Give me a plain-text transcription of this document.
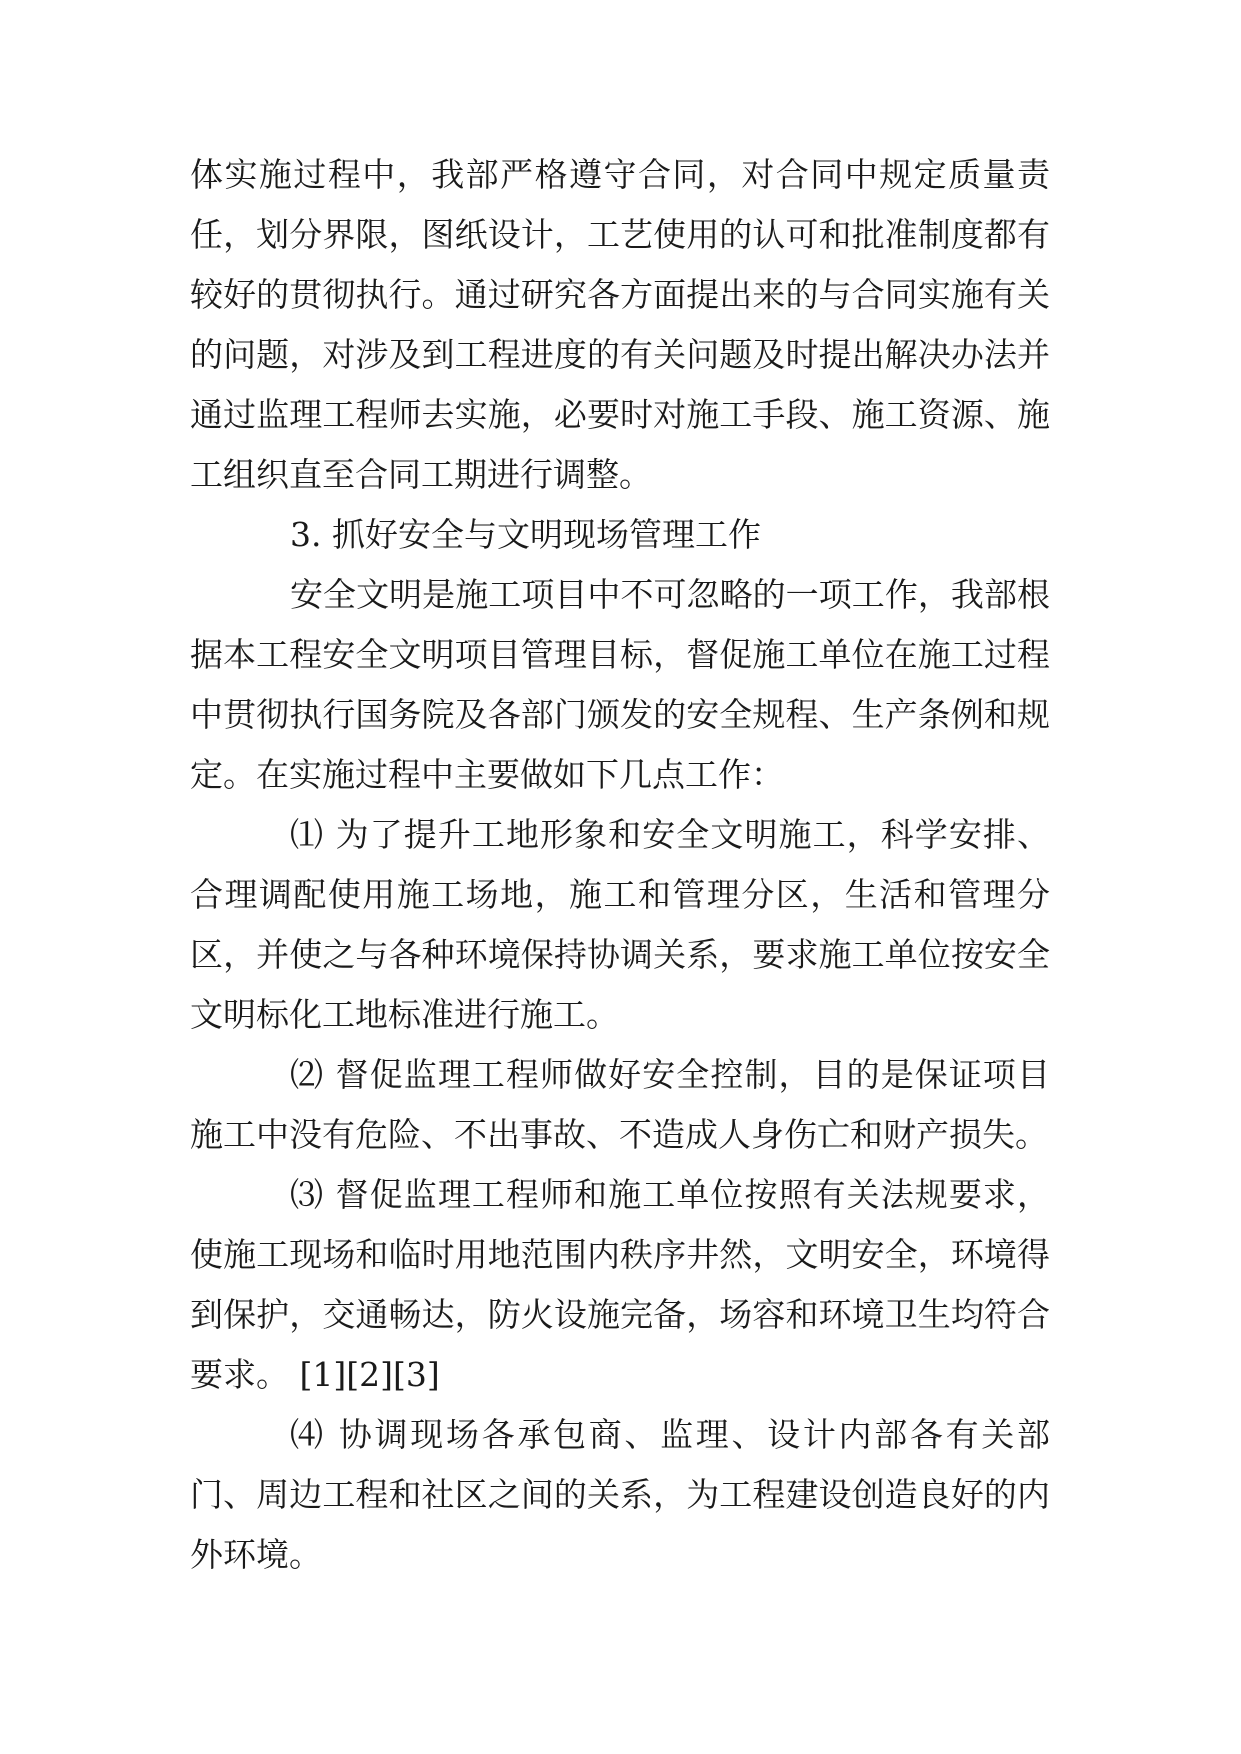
体实施过程中，我部严格遵守合同，对合同中规定质量责任，划分界限，图纸设计，工艺使用的认可和批准制度都有较好的贯彻执行。通过研究各方面提出来的与合同实施有关的问题，对涉及到工程进度的有关问题及时提出解决办法并通过监理工程师去实施，必要时对施工手段、施工资源、施工组织直至合同工期进行调整。

3. 抓好安全与文明现场管理工作

安全文明是施工项目中不可忽略的一项工作，我部根据本工程安全文明项目管理目标，督促施工单位在施工过程中贯彻执行国务院及各部门颁发的安全规程、生产条例和规定。在实施过程中主要做如下几点工作：

⑴ 为了提升工地形象和安全文明施工，科学安排、合理调配使用施工场地，施工和管理分区，生活和管理分区，并使之与各种环境保持协调关系，要求施工单位按安全文明标化工地标准进行施工。

⑵ 督促监理工程师做好安全控制，目的是保证项目施工中没有危险、不出事故、不造成人身伤亡和财产损失。

⑶ 督促监理工程师和施工单位按照有关法规要求，使施工现场和临时用地范围内秩序井然，文明安全，环境得到保护，交通畅达，防火设施完备，场容和环境卫生均符合要求。 [1][2][3]

⑷ 协调现场各承包商、监理、设计内部各有关部门、周边工程和社区之间的关系，为工程建设创造良好的内外环境。
